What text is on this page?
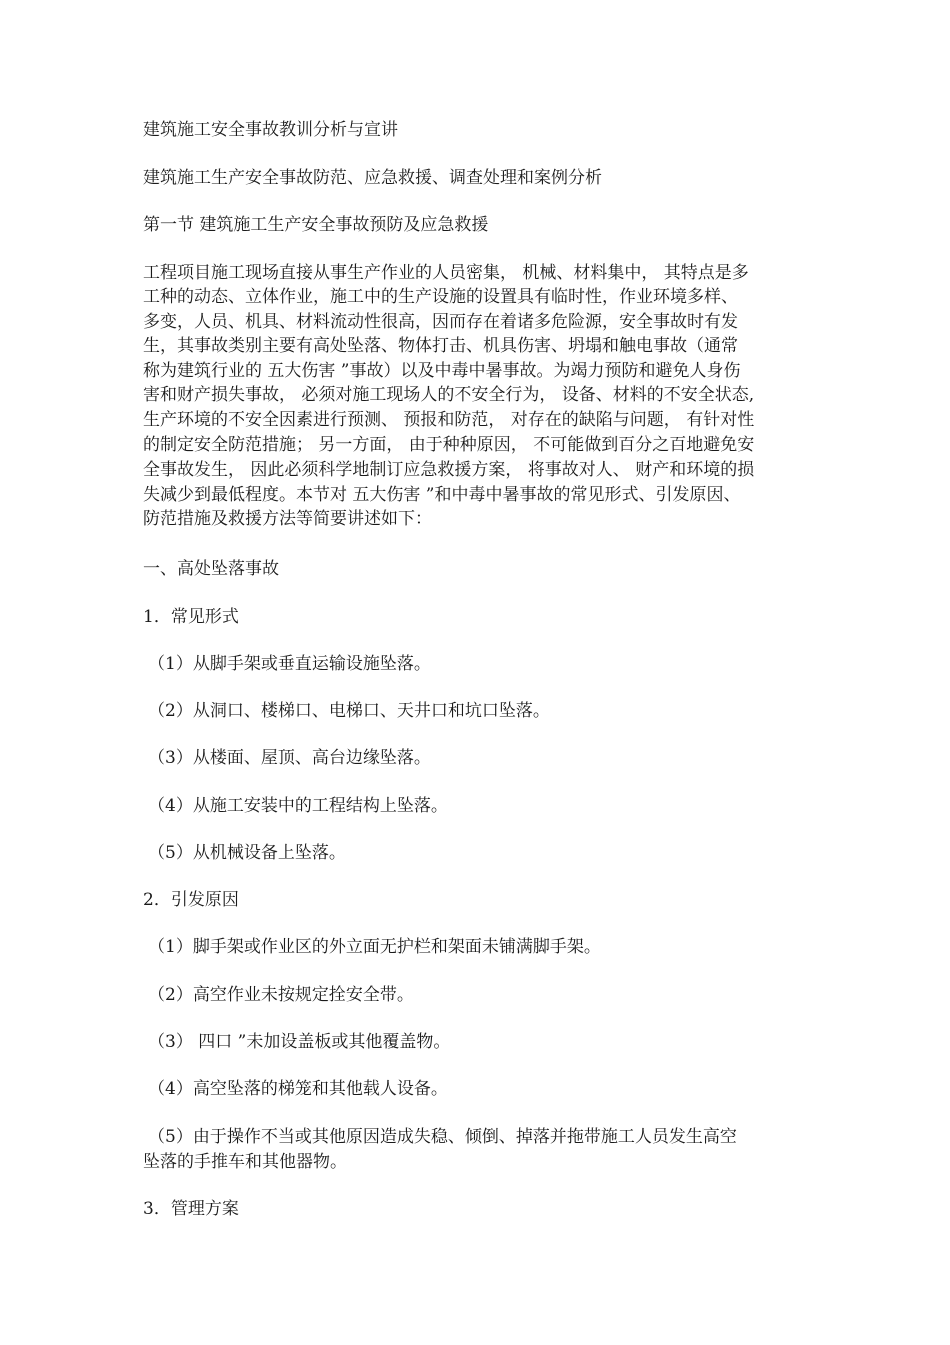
建筑施工安全事故教训分析与宣讲
建筑施工生产安全事故防范、应急救援、调查处理和案例分析
第一节 建筑施工生产安全事故预防及应急救援
工程项目施工现场直接从事生产作业的人员密集， 机械、材料集中， 其特点是多
工种的动态、立体作业，施工中的生产设施的设置具有临时性，作业环境多样、
多变，人员、机具、材料流动性很高，因而存在着诸多危险源，安全事故时有发
生，其事故类别主要有高处坠落、物体打击、机具伤害、坍塌和触电事故（通常
称为建筑行业的 五大伤害 ”事故）以及中毒中暑事故。为竭力预防和避免人身伤
害和财产损失事故， 必须对施工现场人的不安全行为， 设备、材料的不安全状态,
生产环境的不安全因素进行预测、 预报和防范， 对存在的缺陷与问题， 有针对性
的制定安全防范措施； 另一方面， 由于种种原因， 不可能做到百分之百地避免安
全事故发生， 因此必须科学地制订应急救援方案， 将事故对人、 财产和环境的损
失减少到最低程度。本节对 五大伤害 ”和中毒中暑事故的常见形式、引发原因、
防范措施及救援方法等简要讲述如下：
一、高处坠落事故
1．常见形式
（1）从脚手架或垂直运输设施坠落。
（2）从洞口、楼梯口、电梯口、天井口和坑口坠落。
（3）从楼面、屋顶、高台边缘坠落。
（4）从施工安装中的工程结构上坠落。
（5）从机械设备上坠落。
2．引发原因
（1）脚手架或作业区的外立面无护栏和架面未铺满脚手架。
（2）高空作业未按规定拴安全带。
（3） 四口 ”未加设盖板或其他覆盖物。
（4）高空坠落的梯笼和其他载人设备。
（5）由于操作不当或其他原因造成失稳、倾倒、掉落并拖带施工人员发生高空
坠落的手推车和其他器物。
3．管理方案
